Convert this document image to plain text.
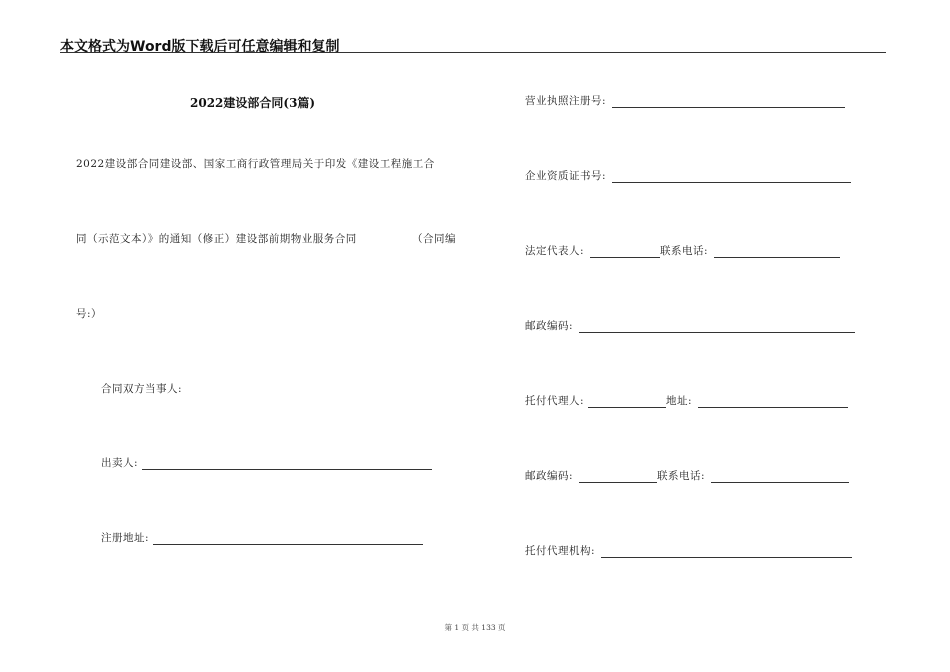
本文格式为Word版下载后可任意编辑和复制
2022建设部合同(3篇)
2022建设部合同建设部、国家工商行政管理局关于印发《建设工程施工合
同（示范文本）》的通知（修正）建设部前期物业服务合同	（合同编
号:）
合同双方当事人:
出卖人:
注册地址:
营业执照注册号:
企业资质证书号:
法定代表人:	联系电话:
邮政编码:
托付代理人:	地址:
邮政编码:	联系电话:
托付代理机构:
第 1 页 共 133 页
